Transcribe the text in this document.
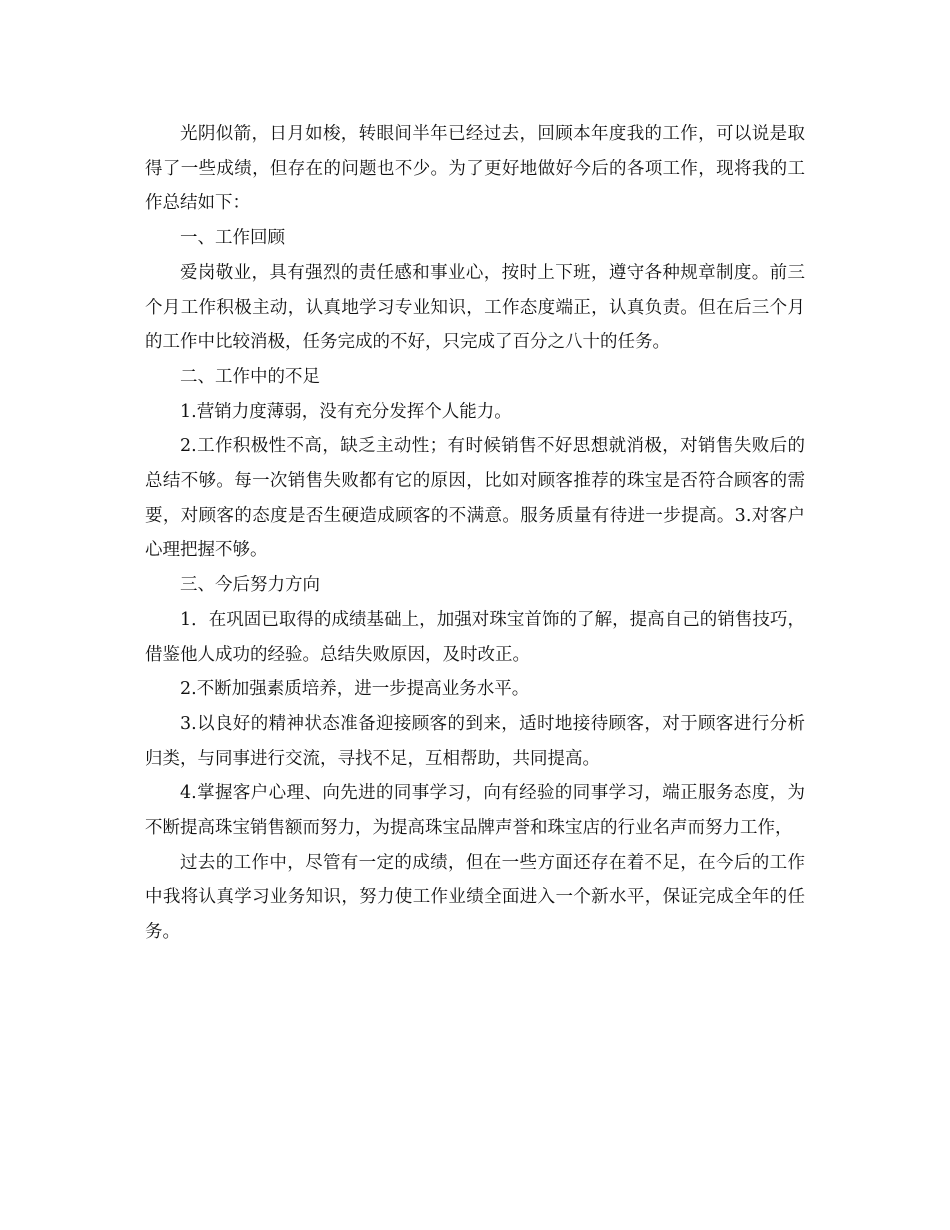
光阴似箭，日月如梭，转眼间半年已经过去，回顾本年度我的工作，可以说是取得了一些成绩，但存在的问题也不少。为了更好地做好今后的各项工作，现将我的工作总结如下：

一、工作回顾

爱岗敬业，具有强烈的责任感和事业心，按时上下班，遵守各种规章制度。前三个月工作积极主动，认真地学习专业知识，工作态度端正，认真负责。但在后三个月的工作中比较消极，任务完成的不好，只完成了百分之八十的任务。

二、工作中的不足

1.营销力度薄弱，没有充分发挥个人能力。

2.工作积极性不高，缺乏主动性；有时候销售不好思想就消极，对销售失败后的总结不够。每一次销售失败都有它的原因，比如对顾客推荐的珠宝是否符合顾客的需要，对顾客的态度是否生硬造成顾客的不满意。服务质量有待进一步提高。3.对客户心理把握不够。

三、今后努力方向

1．在巩固已取得的成绩基础上，加强对珠宝首饰的了解，提高自己的销售技巧，借鉴他人成功的经验。总结失败原因，及时改正。

2.不断加强素质培养，进一步提高业务水平。

3.以良好的精神状态准备迎接顾客的到来，适时地接待顾客，对于顾客进行分析归类，与同事进行交流，寻找不足，互相帮助，共同提高。

4.掌握客户心理、向先进的同事学习，向有经验的同事学习，端正服务态度，为不断提高珠宝销售额而努力，为提高珠宝品牌声誉和珠宝店的行业名声而努力工作，

过去的工作中，尽管有一定的成绩，但在一些方面还存在着不足，在今后的工作中我将认真学习业务知识，努力使工作业绩全面进入一个新水平，保证完成全年的任务。
